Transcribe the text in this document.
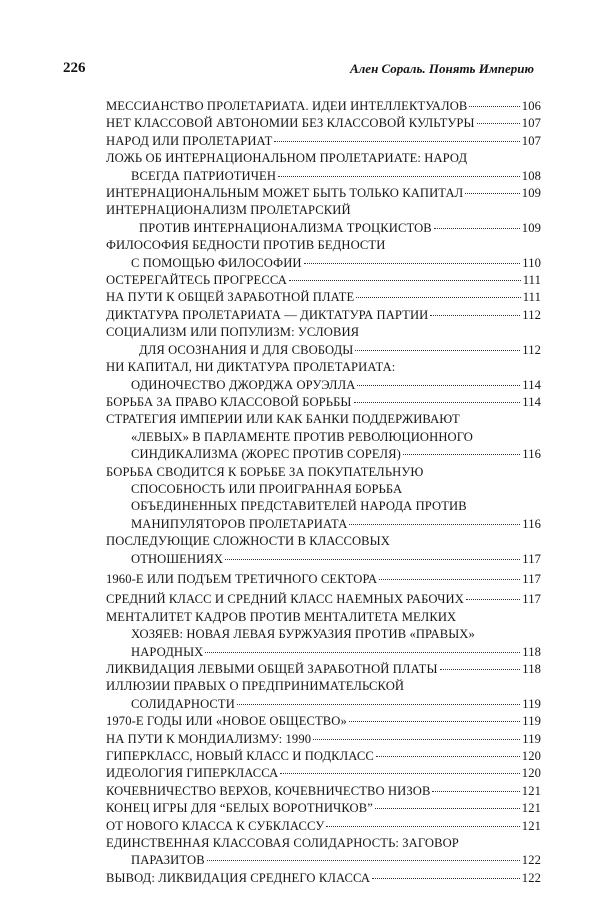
226	Ален Сораль. Понять Империю
МЕССИАНСТВО ПРОЛЕТАРИАТА. ИДЕИ ИНТЕЛЛЕКТУАЛОВ	106
НЕТ КЛАССОВОЙ АВТОНОМИИ БЕЗ КЛАССОВОЙ КУЛЬТУРЫ	107
НАРОД ИЛИ ПРОЛЕТАРИАТ	107
ЛОЖЬ ОБ ИНТЕРНАЦИОНАЛЬНОМ ПРОЛЕТАРИАТЕ: НАРОД
ВСЕГДА ПАТРИОТИЧЕН	108
ИНТЕРНАЦИОНАЛЬНЫМ МОЖЕТ БЫТЬ ТОЛЬКО КАПИТАЛ	109
ИНТЕРНАЦИОНАЛИЗМ ПРОЛЕТАРСКИЙ
ПРОТИВ ИНТЕРНАЦИОНАЛИЗМА ТРОЦКИСТОВ	109
ФИЛОСОФИЯ БЕДНОСТИ ПРОТИВ БЕДНОСТИ
С ПОМОЩЬЮ ФИЛОСОФИИ	110
ОСТЕРЕГАЙТЕСЬ ПРОГРЕССА	111
НА ПУТИ К ОБЩЕЙ ЗАРАБОТНОЙ ПЛАТЕ	111
ДИКТАТУРА ПРОЛЕТАРИАТА — ДИКТАТУРА ПАРТИИ	112
СОЦИАЛИЗМ ИЛИ ПОПУЛИЗМ: УСЛОВИЯ
ДЛЯ ОСОЗНАНИЯ И ДЛЯ СВОБОДЫ	112
НИ КАПИТАЛ, НИ ДИКТАТУРА ПРОЛЕТАРИАТА:
ОДИНОЧЕСТВО ДЖОРДЖА ОРУЭЛЛА	114
БОРЬБА ЗА ПРАВО КЛАССОВОЙ БОРЬБЫ	114
СТРАТЕГИЯ ИМПЕРИИ ИЛИ КАК БАНКИ ПОДДЕРЖИВАЮТ
«ЛЕВЫХ» В ПАРЛАМЕНТЕ ПРОТИВ РЕВОЛЮЦИОННОГО
СИНДИКАЛИЗМА (ЖОРЕС ПРОТИВ СОРЕЛЯ)	116
БОРЬБА СВОДИТСЯ К БОРЬБЕ ЗА ПОКУПАТЕЛЬНУЮ
СПОСОБНОСТЬ ИЛИ ПРОИГРАННАЯ БОРЬБА
ОБЪЕДИНЕННЫХ ПРЕДСТАВИТЕЛЕЙ НАРОДА ПРОТИВ
МАНИПУЛЯТОРОВ ПРОЛЕТАРИАТА	116
ПОСЛЕДУЮЩИЕ СЛОЖНОСТИ В КЛАССОВЫХ
ОТНОШЕНИЯХ	117
1960-Е ИЛИ ПОДЪЕМ ТРЕТИЧНОГО СЕКТОРА	117
СРЕДНИЙ КЛАСС И СРЕДНИЙ КЛАСС НАЕМНЫХ РАБОЧИХ	117
МЕНТАЛИТЕТ КАДРОВ ПРОТИВ МЕНТАЛИТЕТА МЕЛКИХ
ХОЗЯЕВ: НОВАЯ ЛЕВАЯ БУРЖУАЗИЯ ПРОТИВ «ПРАВЫХ»
НАРОДНЫХ	118
ЛИКВИДАЦИЯ ЛЕВЫМИ ОБЩЕЙ ЗАРАБОТНОЙ ПЛАТЫ	118
ИЛЛЮЗИИ ПРАВЫХ О ПРЕДПРИНИМАТЕЛЬСКОЙ
СОЛИДАРНОСТИ	119
1970-Е ГОДЫ ИЛИ «НОВОЕ ОБЩЕСТВО»	119
НА ПУТИ К МОНДИАЛИЗМУ: 1990	119
ГИПЕРКЛАСС, НОВЫЙ КЛАСС И ПОДКЛАСС	120
ИДЕОЛОГИЯ ГИПЕРКЛАССА	120
КОЧЕВНИЧЕСТВО ВЕРХОВ, КОЧЕВНИЧЕСТВО НИЗОВ	121
КОНЕЦ ИГРЫ ДЛЯ “БЕЛЫХ ВОРОТНИЧКОВ”	121
ОТ НОВОГО КЛАССА К СУБКЛАССУ	121
ЕДИНСТВЕННАЯ КЛАССОВАЯ СОЛИДАРНОСТЬ: ЗАГОВОР
ПАРАЗИТОВ	122
ВЫВОД: ЛИКВИДАЦИЯ СРЕДНЕГО КЛАССА	122
